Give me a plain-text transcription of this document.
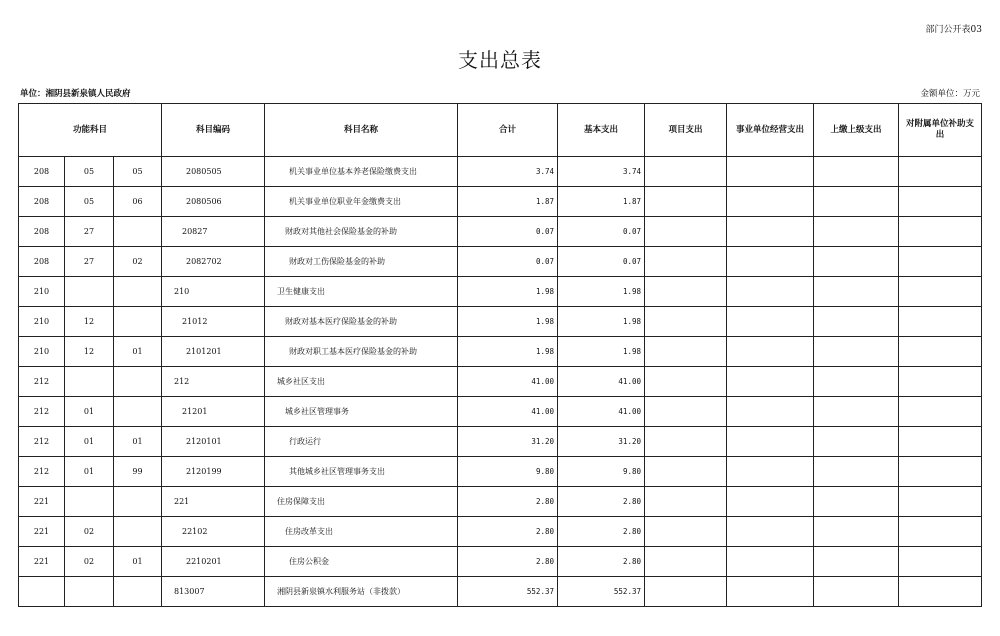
部门公开表03
支出总表
单位：湘阴县新泉镇人民政府	金额单位：万元
功能科目			科目编码	科目名称	合计	基本支出	项目支出	事业单位经营支出	上缴上级支出	对附属单位补助支出
208	05	05	2080505	机关事业单位基本养老保险缴费支出	3.74	3.74				
208	05	06	2080506	机关事业单位职业年金缴费支出	1.87	1.87				
208	27		20827	财政对其他社会保险基金的补助	0.07	0.07				
208	27	02	2082702	财政对工伤保险基金的补助	0.07	0.07				
210			210	卫生健康支出	1.98	1.98				
210	12		21012	财政对基本医疗保险基金的补助	1.98	1.98				
210	12	01	2101201	财政对职工基本医疗保险基金的补助	1.98	1.98				
212			212	城乡社区支出	41.00	41.00				
212	01		21201	城乡社区管理事务	41.00	41.00				
212	01	01	2120101	行政运行	31.20	31.20				
212	01	99	2120199	其他城乡社区管理事务支出	9.80	9.80				
221			221	住房保障支出	2.80	2.80				
221	02		22102	住房改革支出	2.80	2.80				
221	02	01	2210201	住房公积金	2.80	2.80				
			813007	湘阴县新泉镇水利服务站（非拨款）	552.37	552.37				
